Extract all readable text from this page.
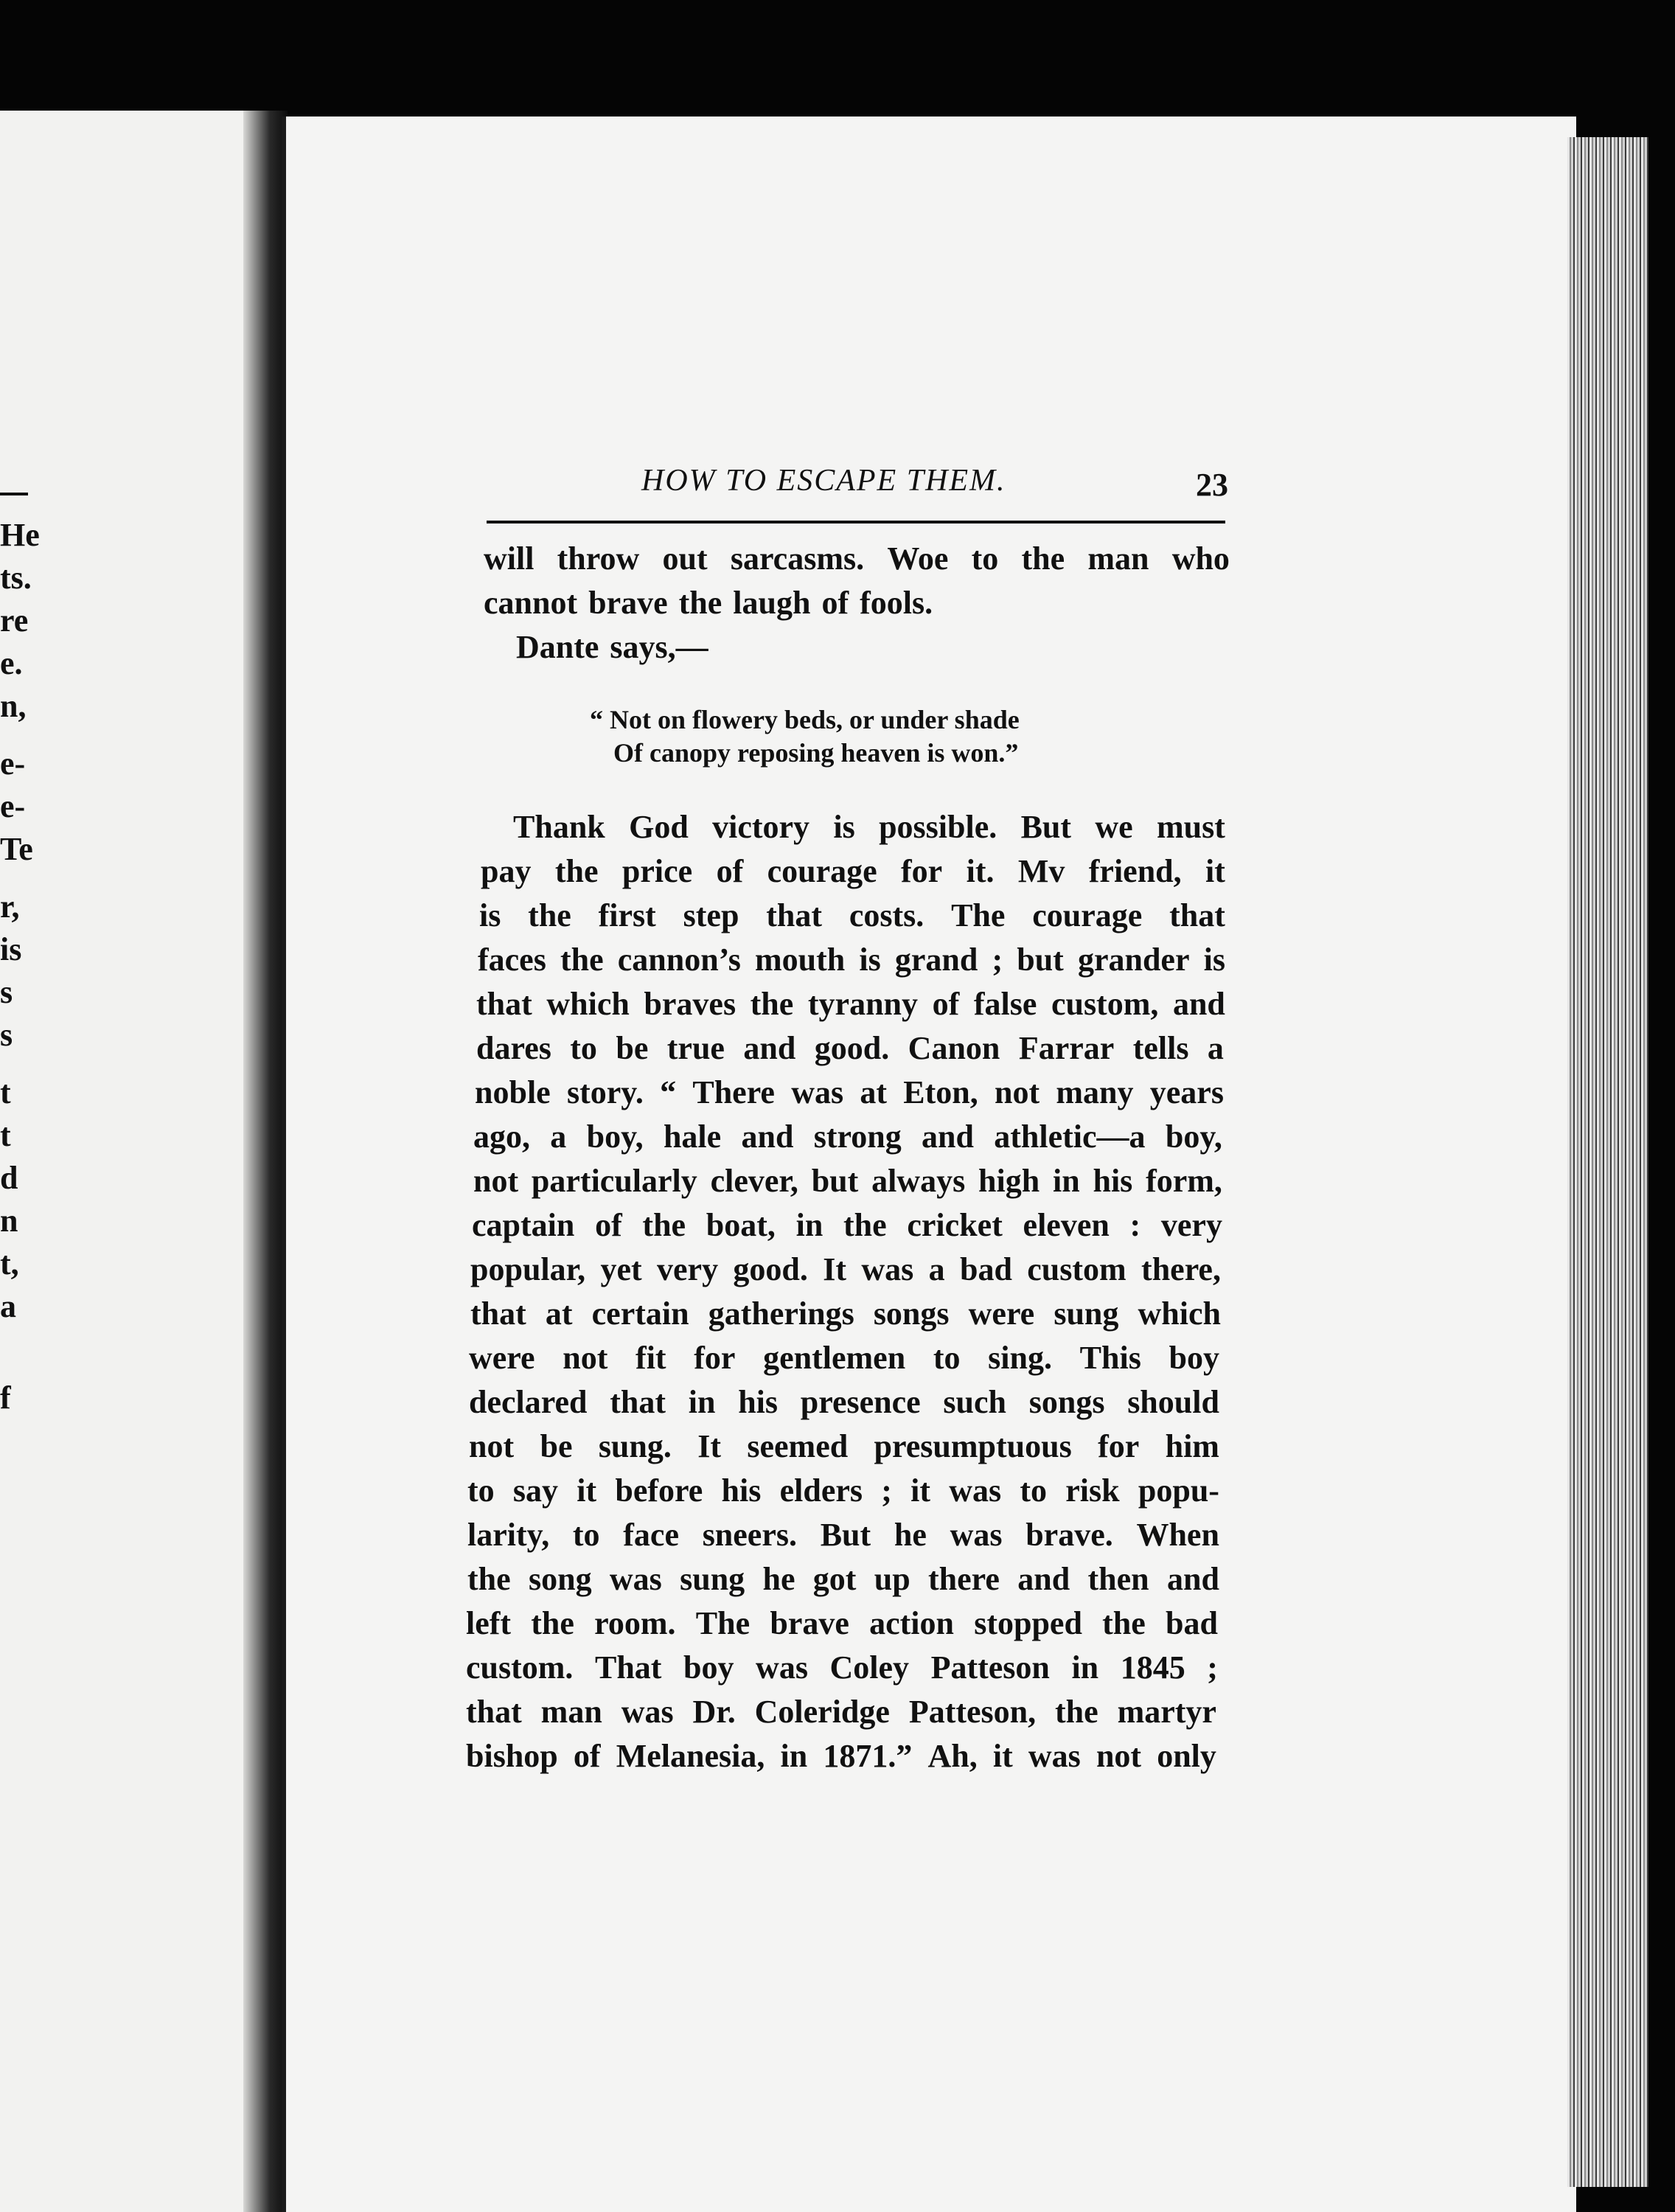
He
ts.
re
e.
n,
e-
e-
Te
r,
is
s
s
t
t
d
n
t,
a
f
HOW TO ESCAPE THEM.	23
will throw out sarcasms. Woe to the man who
cannot brave the laugh of fools.
Dante says,—
“ Not on flowery beds, or under shade
Of canopy reposing heaven is won.”
Thank God victory is possible. But we must
pay the price of courage for it. Mv friend, it
is the first step that costs. The courage that
faces the cannon’s mouth is grand ; but grander is
that which braves the tyranny of false custom, and
dares to be true and good. Canon Farrar tells a
noble story. “ There was at Eton, not many years
ago, a boy, hale and strong and athletic—a boy,
not particularly clever, but always high in his form,
captain of the boat, in the cricket eleven : very
popular, yet very good. It was a bad custom there,
that at certain gatherings songs were sung which
were not fit for gentlemen to sing. This boy
declared that in his presence such songs should
not be sung. It seemed presumptuous for him
to say it before his elders ; it was to risk popu-
larity, to face sneers. But he was brave. When
the song was sung he got up there and then and
left the room. The brave action stopped the bad
custom. That boy was Coley Patteson in 1845 ;
that man was Dr. Coleridge Patteson, the martyr
bishop of Melanesia, in 1871.” Ah, it was not only
